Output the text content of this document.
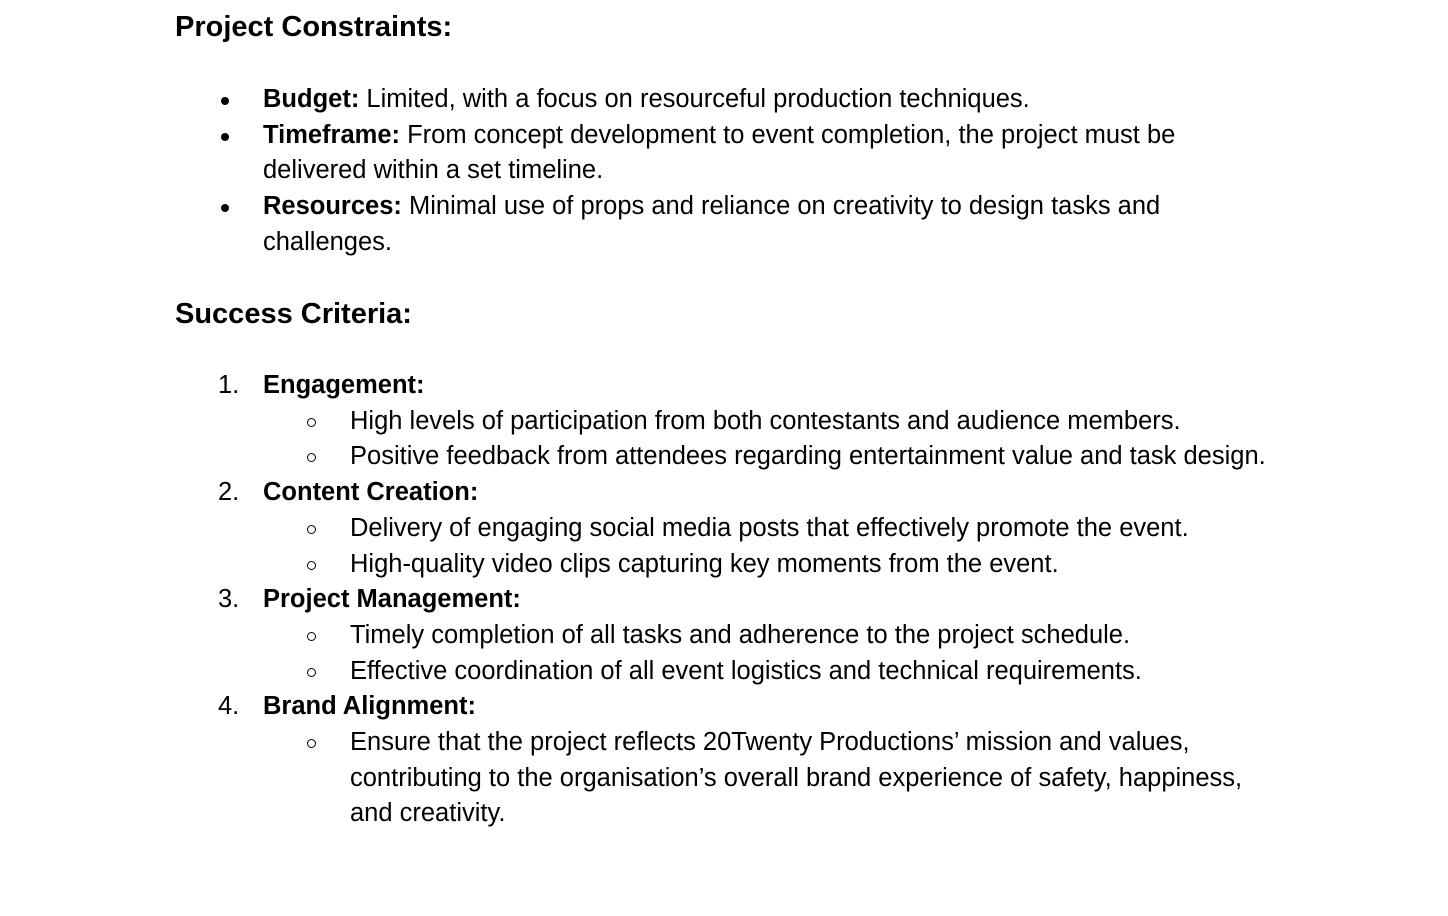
Project Constraints:
Budget: Limited, with a focus on resourceful production techniques.
Timeframe: From concept development to event completion, the project must be delivered within a set timeline.
Resources: Minimal use of props and reliance on creativity to design tasks and challenges.
Success Criteria:
1. Engagement:
High levels of participation from both contestants and audience members.
Positive feedback from attendees regarding entertainment value and task design.
2. Content Creation:
Delivery of engaging social media posts that effectively promote the event.
High-quality video clips capturing key moments from the event.
3. Project Management:
Timely completion of all tasks and adherence to the project schedule.
Effective coordination of all event logistics and technical requirements.
4. Brand Alignment:
Ensure that the project reflects 20Twenty Productions’ mission and values, contributing to the organisation’s overall brand experience of safety, happiness, and creativity.
